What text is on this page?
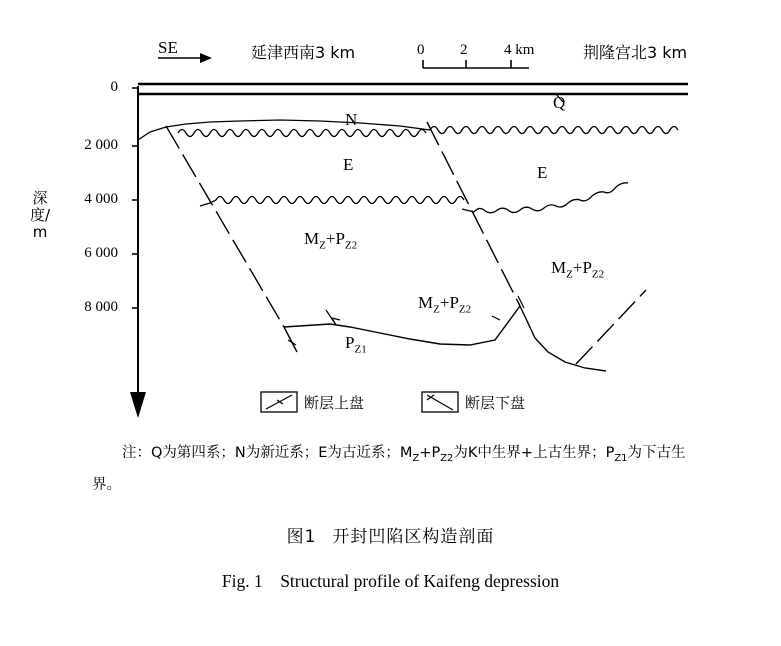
深度/ m
0
2 000
4 000
6 000
8 000
SE	延津西南3 km	荆隆宫北3 km
0 2 4 km
Q
N
E	E
$M_Z+P_{Z2}$
$M_Z+P_{Z2}$
$M_Z+P_{Z2}$
$P_{Z1}$
断层上盘	断层下盘
注：Q为第四系；N为新近系；E为古近系；$M_Z+P_{Z2}$为K中生界+上古生界；$P_{Z1}$为下古生界。
图1 开封凹陷区构造剖面
Fig. 1　Structural profile of Kaifeng depression
